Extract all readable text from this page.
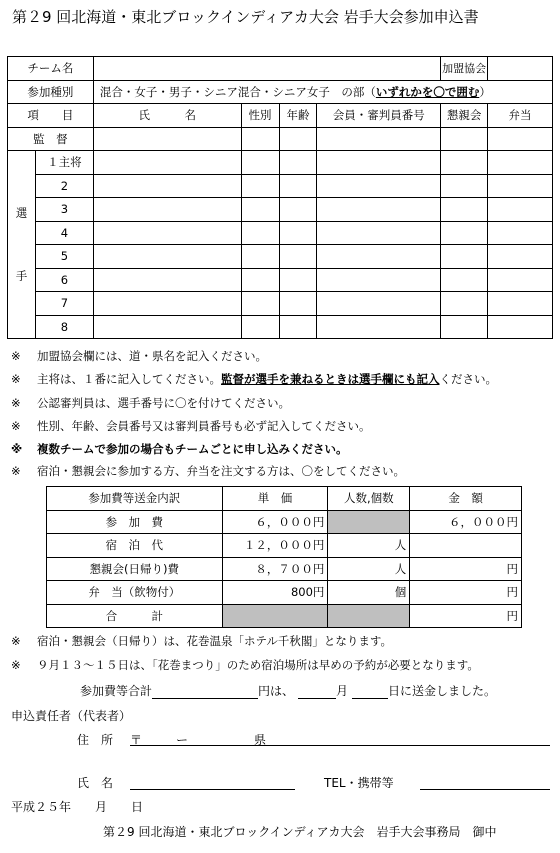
第２9 回北海道・東北ブロックインディアカ大会 岩手大会参加申込書
チーム名						加盟協会	
参加種別		混合・女子・男子・シニア混合・シニア女子　の部（いずれかを〇で囲む）					
項　　目		氏　　　名	性別	年齢	会員・審判員番号	懇親会	弁当
監　督							

選
手	１主将						
	2						
	3						
	4						
	5						
	6						
	7						
	8						
※ 加盟協会欄には、道・県名を記入ください。
※ 主将は、１番に記入してください。監督が選手を兼ねるときは選手欄にも記入ください。
※ 公認審判員は、選手番号に〇を付けてください。
※ 性別、年齢、会員番号又は審判員番号も必ず記入してください。
※ 複数チームで参加の場合もチームごとに申し込みください。
※ 宿泊・懇親会に参加する方、弁当を注文する方は、〇をしてください。
参加費等送金内訳	単　価	人数,個数	金　額
参　加　費	６，０００円		６，０００円
宿　泊　代	１２，０００円	人	
懇親会(日帰り)費	８，７００円	人	円
弁　当（飲物付）	800円	個	円
合　　　計			円
※ 宿泊・懇親会（日帰り）は、花巻温泉「ホテル千秋閣」となります。
※ ９月１３～１５日は、「花巻まつり」のため宿泊場所は早めの予約が必要となります。
参加費等合計	円は、	月	日に送金しました。
申込責任者（代表者）
住　所 〒	ー	県
氏　名	TEL・携帯等
平成２５年　　月　　日
第２9 回北海道・東北ブロックインディアカ大会　岩手大会事務局　御中
